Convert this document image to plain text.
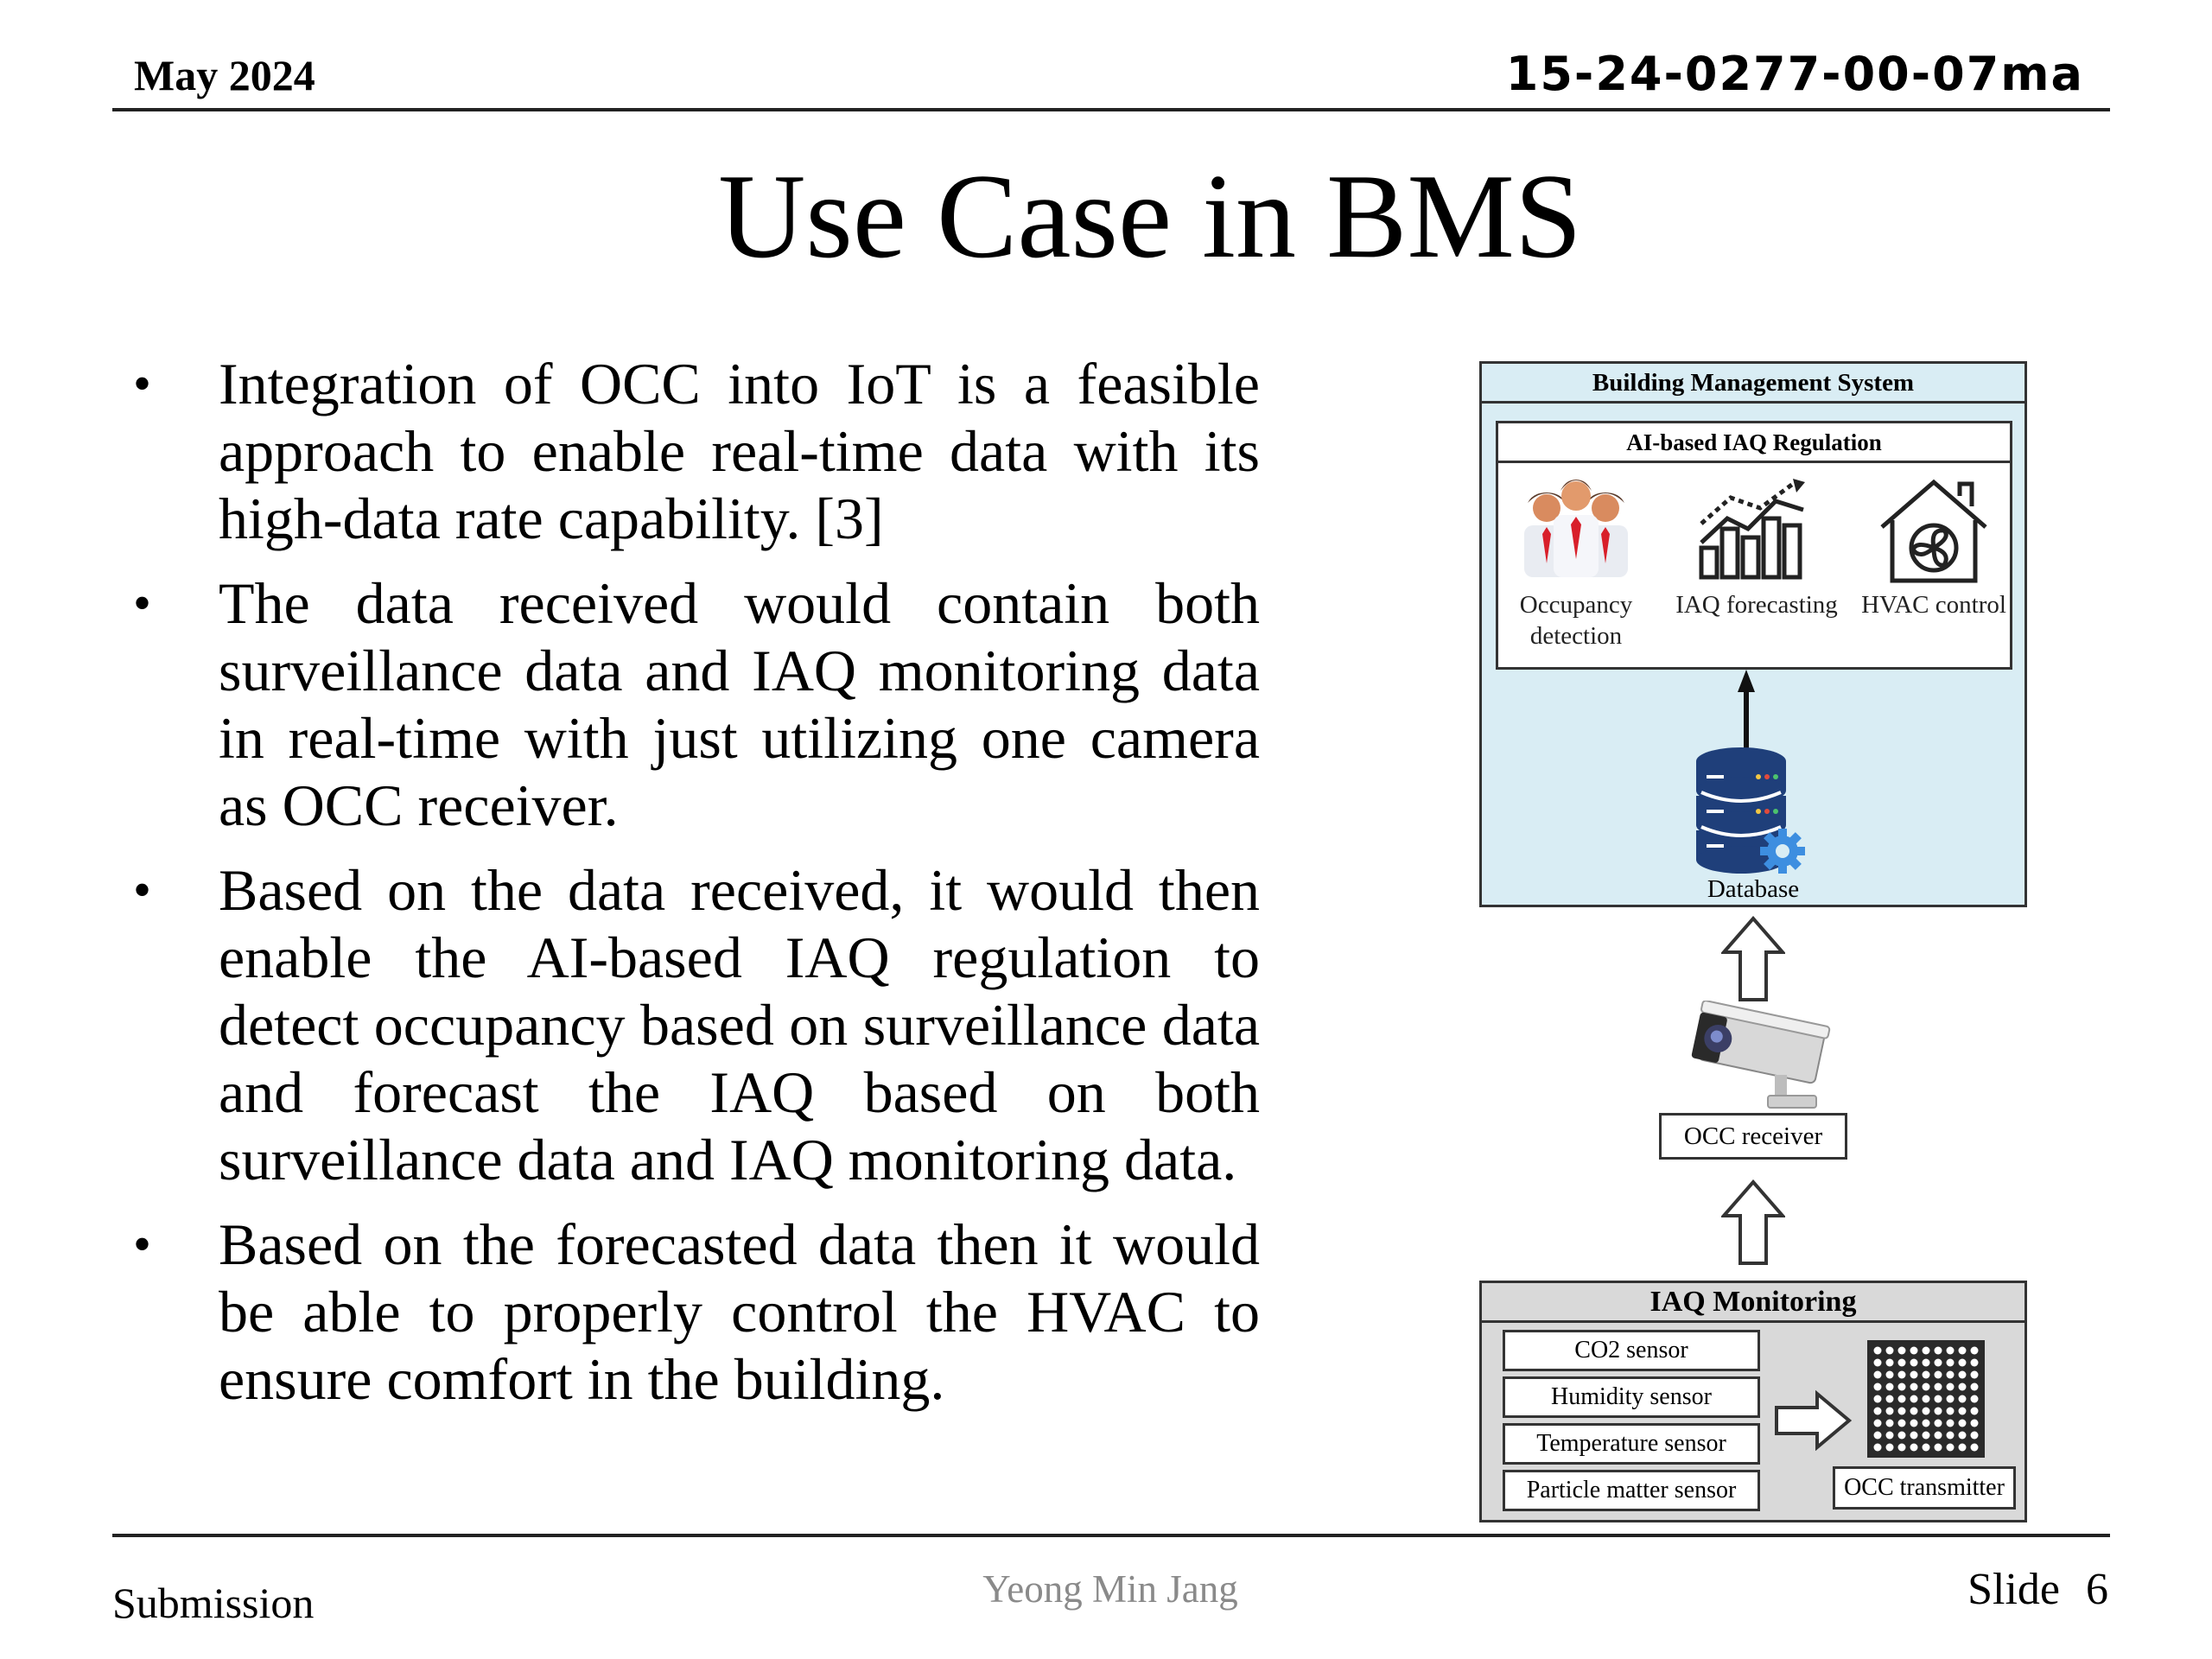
May 2024	15-24-0277-00-07ma
Use Case in BMS
• Integration of OCC into IoT is a feasible approach to enable real-time data with its high-data rate capability. [3]
• The data received would contain both surveillance data and IAQ monitoring data in real-time with just utilizing one camera as OCC receiver.
• Based on the data received, it would then enable the AI-based IAQ regulation to detect occupancy based on surveillance data and forecast the IAQ based on both surveillance data and IAQ monitoring data.
• Based on the forecasted data then it would be able to properly control the HVAC to ensure comfort in the building.
Building Management System
AI-based IAQ Regulation
Occupancy detection
IAQ forecasting HVAC control
Database
OCC receiver
IAQ Monitoring
CO2 sensor
Humidity sensor
Temperature sensor
Particle matter sensor	OCC transmitter
Submission	Yeong Min Jang	Slide 6
